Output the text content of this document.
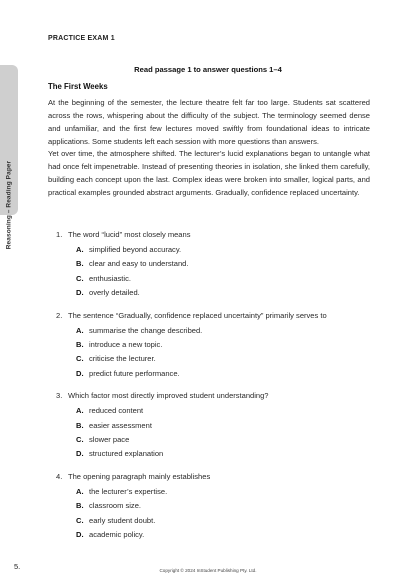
Reasoning – Reading Paper
PRACTICE EXAM 1
Read passage 1 to answer questions 1–4
The First Weeks

At the beginning of the semester, the lecture theatre felt far too large. Students sat scattered across the rows, whispering about the difficulty of the subject. The terminology seemed dense and unfamiliar, and the first few lectures moved swiftly from foundational ideas to intricate applications. Some students left each session with more questions than answers.

Yet over time, the atmosphere shifted. The lecturer’s lucid explanations began to untangle what had once felt impenetrable. Instead of presenting theories in isolation, she linked them carefully, building each concept upon the last. Complex ideas were broken into smaller, logical parts, and practical examples grounded abstract arguments. Gradually, confidence replaced uncertainty.

1. The word “lucid” most closely means
A. simplified beyond accuracy.
B. clear and easy to understand.
C. enthusiastic.
D. overly detailed.
2. The sentence “Gradually, confidence replaced uncertainty” primarily serves to
A. summarise the change described.
B. introduce a new topic.
C. criticise the lecturer.
D. predict future performance.
3. Which factor most directly improved student understanding?
A. reduced content
B. easier assessment
C. slower pace
D. structured explanation
4. The opening paragraph mainly establishes
A. the lecturer’s expertise.
B. classroom size.
C. early student doubt.
D. academic policy.
5.	Copyright © 2024 InStudent Publishing Pty. Ltd.
